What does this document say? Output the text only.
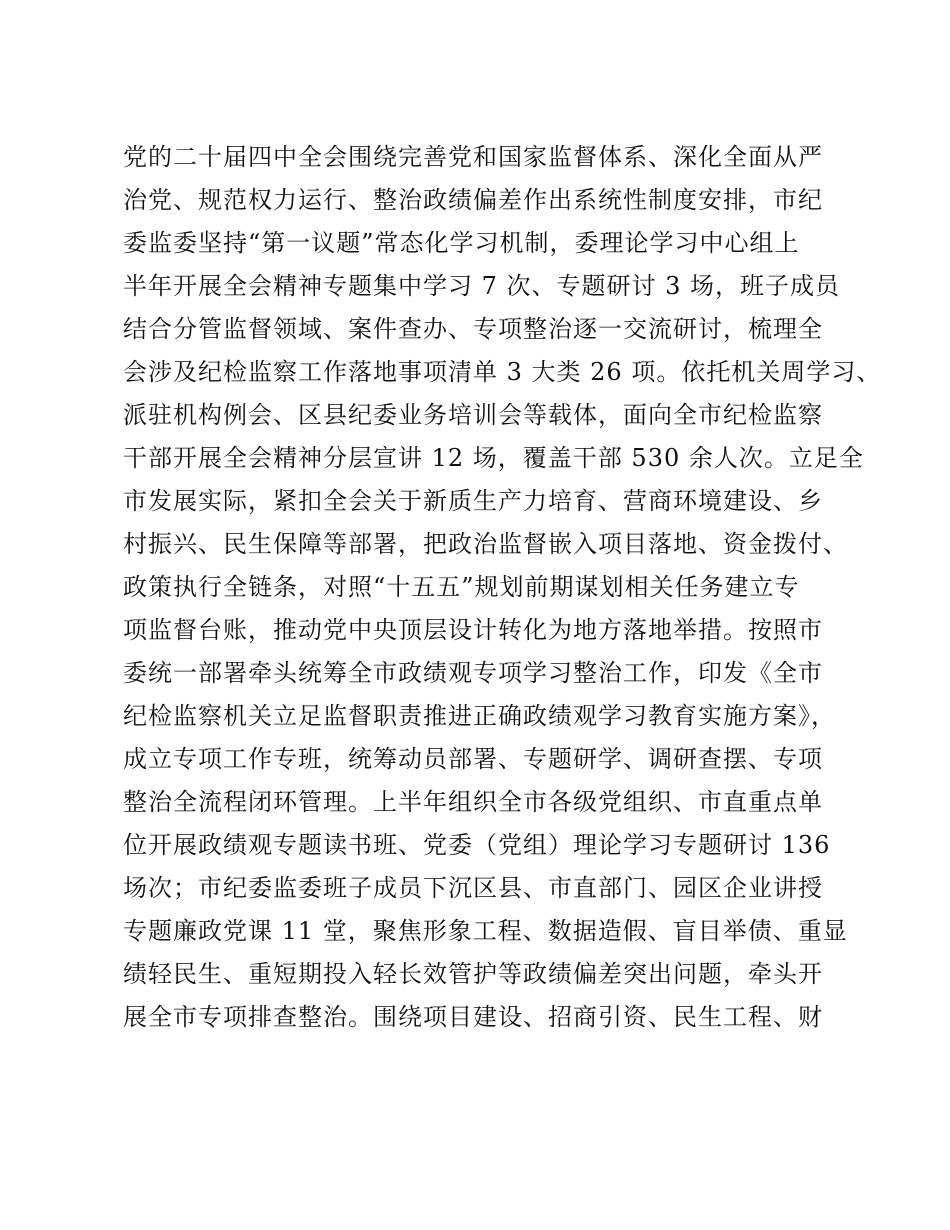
党的二十届四中全会围绕完善党和国家监督体系、深化全面从严
治党、规范权力运行、整治政绩偏差作出系统性制度安排，市纪
委监委坚持“第一议题”常态化学习机制，委理论学习中心组上
半年开展全会精神专题集中学习 7 次、专题研讨 3 场，班子成员
结合分管监督领域、案件查办、专项整治逐一交流研讨，梳理全
会涉及纪检监察工作落地事项清单 3 大类 26 项。依托机关周学习、
派驻机构例会、区县纪委业务培训会等载体，面向全市纪检监察
干部开展全会精神分层宣讲 12 场，覆盖干部 530 余人次。立足全
市发展实际，紧扣全会关于新质生产力培育、营商环境建设、乡
村振兴、民生保障等部署，把政治监督嵌入项目落地、资金拨付、
政策执行全链条，对照“十五五”规划前期谋划相关任务建立专
项监督台账，推动党中央顶层设计转化为地方落地举措。按照市
委统一部署牵头统筹全市政绩观专项学习整治工作，印发《全市
纪检监察机关立足监督职责推进正确政绩观学习教育实施方案》，
成立专项工作专班，统筹动员部署、专题研学、调研查摆、专项
整治全流程闭环管理。上半年组织全市各级党组织、市直重点单
位开展政绩观专题读书班、党委（党组）理论学习专题研讨 136
场次；市纪委监委班子成员下沉区县、市直部门、园区企业讲授
专题廉政党课 11 堂，聚焦形象工程、数据造假、盲目举债、重显
绩轻民生、重短期投入轻长效管护等政绩偏差突出问题，牵头开
展全市专项排查整治。围绕项目建设、招商引资、民生工程、财
